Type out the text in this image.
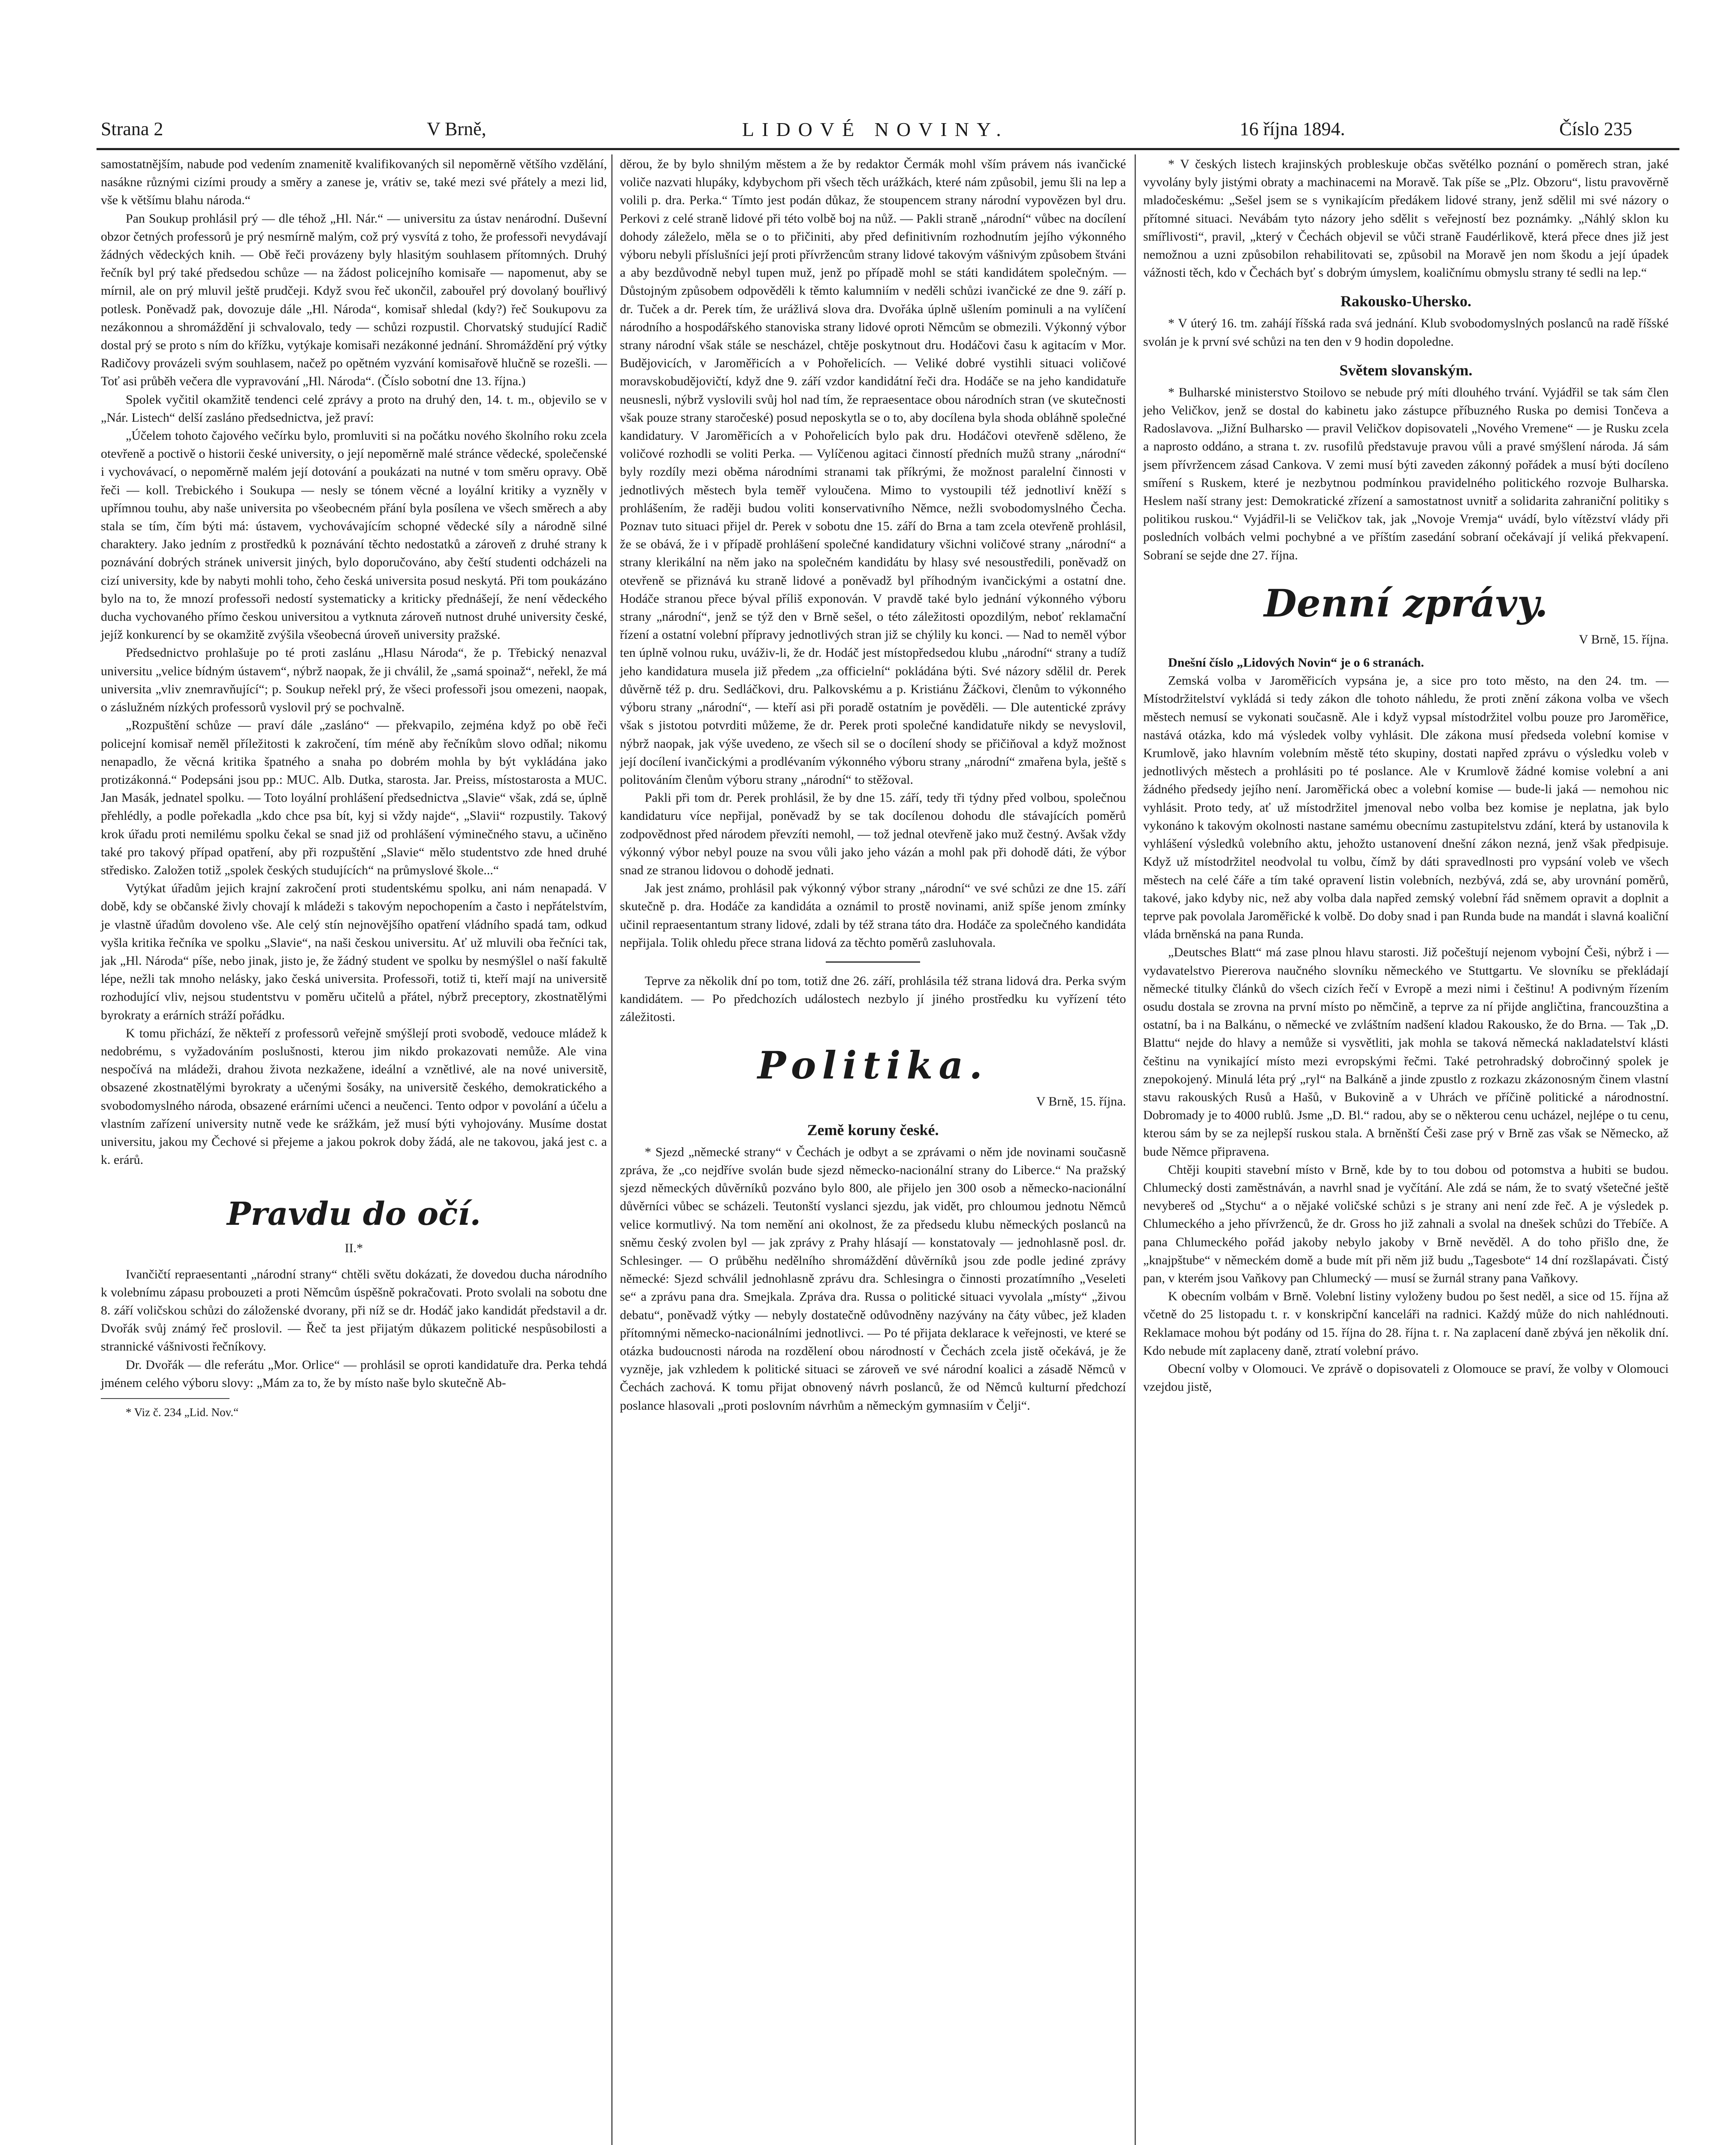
Strana 2	V Brně,	LIDOVÉ NOVINY.	16 října 1894.	Číslo 235

samostatnějším, nabude pod vedením znamenitě kvalifikovaných sil nepoměrně většího vzdělání, nasákne různými cizími proudy a směry a zanese je, vrátiv se, také mezi své přátely a mezi lid, vše k většímu blahu národa.“

Pan Soukup prohlásil prý — dle téhož „Hl. Nár.“ — universitu za ústav nenárodní. Duševní obzor četných professorů je prý nesmírně malým, což prý vysvítá z toho, že professoři nevydávají žádných vědeckých knih. — Obě řeči provázeny byly hlasitým souhlasem přítomných. Druhý řečník byl prý také předsedou schůze — na žádost policejního komisaře — napomenut, aby se mírnil, ale on prý mluvil ještě prudčeji. Když svou řeč ukončil, zabouřel prý dovolaný bouřlivý potlesk. Poněvadž pak, dovozuje dále „Hl. Národa“, komisař shledal (kdy?) řeč Soukupovu za nezákonnou a shromáždění ji schvalovalo, tedy — schůzi rozpustil. Chorvatský studující Radič dostal prý se proto s ním do křížku, vytýkaje komisaři nezákonné jednání. Shromáždění prý výtky Radičovy provázeli svým souhlasem, načež po opětném vyzvání komisařově hlučně se rozešli. — Toť asi průběh večera dle vypravování „Hl. Národa“. (Číslo sobotní dne 13. října.)

Spolek vyčitil okamžitě tendenci celé zprávy a proto na druhý den, 14. t. m., objevilo se v „Nár. Listech“ delší zasláno předsednictva, jež praví:

„Účelem tohoto čajového večírku bylo, promluviti si na počátku nového školního roku zcela otevřeně a poctivě o historii české university, o její nepoměrně malé stránce vědecké, společenské i vychovávací, o nepoměrně malém její dotování a poukázati na nutné v tom směru opravy. Obě řeči — koll. Trebického i Soukupa — nesly se tónem věcné a loyální kritiky a vyzněly v upřímnou touhu, aby naše universita po všeobecném přání byla posílena ve všech směrech a aby stala se tím, čím býti má: ústavem, vychovávajícím schopné vědecké síly a národně silné charaktery. Jako jedním z prostředků k poznávání těchto nedostatků a zároveň z druhé strany k poznávání dobrých stránek universit jiných, bylo doporučováno, aby čeští studenti odcházeli na cizí university, kde by nabyti mohli toho, čeho česká universita posud neskytá. Při tom poukázáno bylo na to, že mnozí professoři nedostí systematicky a kriticky přednášejí, že není vědeckého ducha vychovaného přímo českou universitou a vytknuta zároveň nutnost druhé university české, jejíž konkurencí by se okamžitě zvýšila všeobecná úroveň university pražské.

Předsednictvo prohlašuje po té proti zaslánu „Hlasu Národa“, že p. Třebický nenazval universitu „velice bídným ústavem“, nýbrž naopak, že ji chválil, že „samá spoinaž“, neřekl, že má universita „vliv znemravňující“; p. Soukup neřekl prý, že všeci professoři jsou omezeni, naopak, o záslužném nízkých professorů vyslovil prý se pochvalně.

„Rozpuštění schůze — praví dále „zasláno“ — překvapilo, zejména když po obě řeči policejní komisař neměl příležitosti k zakročení, tím méně aby řečníkům slovo odňal; nikomu nenapadlo, že věcná kritika špatného a snaha po dobrém mohla by být vykládána jako protizákonná.“ Podepsáni jsou pp.: MUC. Alb. Dutka, starosta. Jar. Preiss, místostarosta a MUC. Jan Masák, jednatel spolku. — Toto loyální prohlášení předsednictva „Slavie“ však, zdá se, úplně přehlédly, a podle pořekadla „kdo chce psa bít, kyj si vždy najde“, „Slavii“ rozpustily. Takový krok úřadu proti nemilému spolku čekal se snad již od prohlášení výminečného stavu, a učiněno také pro takový případ opatření, aby při rozpuštění „Slavie“ mělo studentstvo zde hned druhé středisko. Založen totiž „spolek českých studujících“ na průmyslové škole...“

Vytýkat úřadům jejich krajní zakročení proti studentskému spolku, ani nám nenapadá. V době, kdy se občanské živly chovají k mládeži s takovým nepochopením a často i nepřátelstvím, je vlastně úřadům dovoleno vše. Ale celý stín nejnovějšího opatření vládního spadá tam, odkud vyšla kritika řečníka ve spolku „Slavie“, na naši českou universitu. Ať už mluvili oba řečníci tak, jak „Hl. Národa“ píše, nebo jinak, jisto je, že žádný student ve spolku by nesmýšlel o naší fakultě lépe, nežli tak mnoho nelásky, jako česká universita. Professoři, totiž ti, kteří mají na universitě rozhodující vliv, nejsou studentstvu v poměru učitelů a přátel, nýbrž preceptory, zkostnatělými byrokraty a erárních stráží pořádku.

K tomu přichází, že někteří z professorů veřejně smýšlejí proti svobodě, vedouce mládež k nedobrému, s vyžadováním poslušnosti, kterou jim nikdo prokazovati nemůže. Ale vina nespočívá na mládeži, drahou života nezkažene, ideální a vznětlivé, ale na nové universitě, obsazené zkostnatělými byrokraty a učenými šosáky, na universitě českého, demokratického a svobodomyslného národa, obsazené erárními učenci a neučenci. Tento odpor v povolání a účelu a vlastním zařízení university nutně vede ke srážkám, jež musí býti vyhojovány. Musíme dostat universitu, jakou my Čechové si přejeme a jakou pokrok doby žádá, ale ne takovou, jaká jest c. a k. erárů.

Pravdu do očí.
II.*

Ivančičtí repraesentanti „národní strany“ chtěli světu dokázati, že dovedou ducha národního k volebnímu zápasu probouzeti a proti Němcům úspěšně pokračovati. Proto svolali na sobotu dne 8. září voličskou schůzi do záloženské dvorany, při níž se dr. Hodáč jako kandidát představil a dr. Dvořák svůj známý řeč proslovil. — Řeč ta jest přijatým důkazem politické nespůsobilosti a strannické vášnivosti řečníkovy.

Dr. Dvořák — dle referátu „Mor. Orlice“ — prohlásil se oproti kandidatuře dra. Perka tehdá jménem celého výboru slovy: „Mám za to, že by místo naše bylo skutečně Ab-

* Viz č. 234 „Lid. Nov.“

děrou, že by bylo shnilým městem a že by redaktor Čermák mohl vším právem nás ivančické voliče nazvati hlupáky, kdybychom při všech těch urážkách, které nám způsobil, jemu šli na lep a volili p. dra. Perka.“ Tímto jest podán důkaz, že stoupencem strany národní vypovězen byl dru. Perkovi z celé straně lidové při této volbě boj na nůž. — Pakli straně „národní“ vůbec na docílení dohody záleželo, měla se o to přičiniti, aby před definitivním rozhodnutím jejího výkonného výboru nebyli příslušníci její proti přívržencům strany lidové takovým vášnivým způsobem štváni a aby bezdůvodně nebyl tupen muž, jenž po případě mohl se státi kandidátem společným. — Důstojným způsobem odpověděli k těmto kalumniím v neděli schůzi ivančické ze dne 9. září p. dr. Tuček a dr. Perek tím, že urážlivá slova dra. Dvořáka úplně ušlením pominuli a na vylíčení národního a hospodářského stanoviska strany lidové oproti Němcům se obmezili. Výkonný výbor strany národní však stále se nescházel, chtěje poskytnout dru. Hodáčovi času k agitacím v Mor. Budějovicích, v Jaroměřicích a v Pohořelicích. — Veliké dobré vystihli situaci voličové moravskobudějovičtí, když dne 9. září vzdor kandidátní řeči dra. Hodáče se na jeho kandidatuře neusnesli, nýbrž vyslovili svůj hol nad tím, že repraesentace obou národních stran (ve skutečnosti však pouze strany staročeské) posud neposkytla se o to, aby docílena byla shoda obláhně společné kandidatury. V Jaroměřicích a v Pohořelicích bylo pak dru. Hodáčovi otevřeně sděleno, že voličové rozhodli se voliti Perka. — Vylíčenou agitaci činností předních mužů strany „národní“ byly rozdíly mezi oběma národními stranami tak příkrými, že možnost paralelní činnosti v jednotlivých městech byla teměř vyloučena. Mimo to vystoupili též jednotliví kněží s prohlášením, že raději budou voliti konservativního Němce, nežli svobodomyslného Čecha. Poznav tuto situaci přijel dr. Perek v sobotu dne 15. září do Brna a tam zcela otevřeně prohlásil, že se obává, že i v případě prohlášení společné kandidatury všichni voličové strany „národní“ a strany klerikální na něm jako na společném kandidátu by hlasy své nesoustředili, poněvadž on otevřeně se přiznává ku straně lidové a poněvadž byl příhodným ivančickými a ostatní dne. Hodáče stranou přece býval příliš exponován. V pravdě také bylo jednání výkonného výboru strany „národní“, jenž se týž den v Brně sešel, o této záležitosti opozdilým, neboť reklamační řízení a ostatní volební přípravy jednotlivých stran již se chýlily ku konci. — Nad to neměl výbor ten úplně volnou ruku, uváživ-li, že dr. Hodáč jest místopředsedou klubu „národní“ strany a tudíž jeho kandidatura musela již předem „za officielní“ pokládána býti. Své názory sdělil dr. Perek důvěrně též p. dru. Sedláčkovi, dru. Palkovskému a p. Kristiánu Žáčkovi, členům to výkonného výboru strany „národní“, — kteří asi při poradě ostatním je pověděli. — Dle autentické zprávy však s jistotou potvrditi můžeme, že dr. Perek proti společné kandidatuře nikdy se nevyslovil, nýbrž naopak, jak výše uvedeno, ze všech sil se o docílení shody se přičiňoval a když možnost její docílení ivančickými a prodlévaním výkonného výboru strany „národní“ zmařena byla, ještě s politováním členům výboru strany „národní“ to stěžoval.

Pakli při tom dr. Perek prohlásil, že by dne 15. září, tedy tři týdny před volbou, společnou kandidaturu více nepřijal, poněvadž by se tak docílenou dohodu dle stávajících poměrů zodpovědnost před národem převzíti nemohl, — tož jednal otevřeně jako muž čestný. Avšak vždy výkonný výbor nebyl pouze na svou vůli jako jeho vázán a mohl pak při dohodě dáti, že výbor snad ze stranou lidovou o dohodě jednati.

Jak jest známo, prohlásil pak výkonný výbor strany „národní“ ve své schůzi ze dne 15. září skutečně p. dra. Hodáče za kandidáta a oznámil to prostě novinami, aniž spíše jenom zmínky učinil repraesentantum strany lidové, zdali by též strana táto dra. Hodáče za společného kandidáta nepřijala. Tolik ohledu přece strana lidová za těchto poměrů zasluhovala.

Teprve za několik dní po tom, totiž dne 26. září, prohlásila též strana lidová dra. Perka svým kandidátem. — Po předchozích událostech nezbylo jí jiného prostředku ku vyřízení této záležitosti.

Politika.
V Brně, 15. října.
Země koruny české.

* Sjezd „německé strany“ v Čechách je odbyt a se zprávami o něm jde novinami současně zpráva, že „co nejdříve svolán bude sjezd německo-nacionální strany do Liberce.“ Na pražský sjezd německých důvěrníků pozváno bylo 800, ale přijelo jen 300 osob a německo-nacionální důvěrníci vůbec se scházeli. Teutonští vyslanci sjezdu, jak vidět, pro chloumou jednotu Němců velice kormutlivý. Na tom nemění ani okolnost, že za předsedu klubu německých poslanců na sněmu český zvolen byl — jak zprávy z Prahy hlásají — konstatovaly — jednohlasně posl. dr. Schlesinger. — O průběhu nedělního shromáždění důvěrníků jsou zde podle jediné zprávy německé: Sjezd schválil jednohlasně zprávu dra. Schlesingra o činnosti prozatímního „Veseleti se“ a zprávu pana dra. Smejkala. Zpráva dra. Russa o politické situaci vyvolala „místy“ „živou debatu“, poněvadž výtky — nebyly dostatečně odůvodněny nazývány na čáty vůbec, jež kladen přítomnými německo-nacionálními jednotlivci. — Po té přijata deklarace k veřejnosti, ve které se otázka budoucnosti národa na rozdělení obou národností v Čechách zcela jistě očekává, je že vyzněje, jak vzhledem k politické situaci se zároveň ve své národní koalici a zásadě Němců v Čechách zachová. K tomu přijat obnovený návrh poslanců, že od Němců kulturní předchozí poslance hlasovali „proti poslovním návrhům a německým gymnasiím v Čelji“.

* V českých listech krajinských probleskuje občas světélko poznání o poměrech stran, jaké vyvolány byly jistými obraty a machinacemi na Moravě. Tak píše se „Plz. Obzoru“, listu pravověrně mladočeskému: „Sešel jsem se s vynikajícím předákem lidové strany, jenž sdělil mi své názory o přítomné situaci. Nevábám tyto názory jeho sdělit s veřejností bez poznámky. „Náhlý sklon ku smířlivosti“, pravil, „který v Čechách objevil se vůči straně Faudérlikově, která přece dnes již jest nemožnou a uzni způsobilon rehabilitovati se, způsobil na Moravě jen nom škodu a její úpadek vážnosti těch, kdo v Čechách byť s dobrým úmyslem, koaličnímu obmyslu strany té sedli na lep.“

Rakousko-Uhersko.

* V úterý 16. tm. zahájí říšská rada svá jednání. Klub svobodomyslných poslanců na radě říšské svolán je k první své schůzi na ten den v 9 hodin dopoledne.

Světem slovanským.

* Bulharské ministerstvo Stoilovo se nebude prý míti dlouhého trvání. Vyjádřil se tak sám člen jeho Veličkov, jenž se dostal do kabinetu jako zástupce příbuzného Ruska po demisi Tončeva a Radoslavova. „Jižní Bulharsko — pravil Veličkov dopisovateli „Nového Vremene“ — je Rusku zcela a naprosto oddáno, a strana t. zv. rusofilů představuje pravou vůli a pravé smýšlení národa. Já sám jsem přívržencem zásad Cankova. V zemi musí býti zaveden zákonný pořádek a musí býti docíleno smíření s Ruskem, které je nezbytnou podmínkou pravidelného politického rozvoje Bulharska. Heslem naší strany jest: Demokratické zřízení a samostatnost uvnitř a solidarita zahraniční politiky s politikou ruskou.“ Vyjádřil-li se Veličkov tak, jak „Novoje Vremja“ uvádí, bylo vítězství vlády při posledních volbách velmi pochybné a ve příštím zasedání sobraní očekávají jí veliká překvapení. Sobraní se sejde dne 27. října.

Denní zprávy.
V Brně, 15. října.

Dnešní číslo „Lidových Novin“ je o 6 stranách.

Zemská volba v Jaroměřicích vypsána je, a sice pro toto město, na den 24. tm. — Místodržitelství vykládá si tedy zákon dle tohoto náhledu, že proti znění zákona volba ve všech městech nemusí se vykonati současně. Ale i když vypsal místodržitel volbu pouze pro Jaroměřice, nastává otázka, kdo má výsledek volby vyhlásit. Dle zákona musí předseda volební komise v Krumlově, jako hlavním volebním městě této skupiny, dostati napřed zprávu o výsledku voleb v jednotlivých městech a prohlásiti po té poslance. Ale v Krumlově žádné komise volební a ani žádného předsedy jejího není. Jaroměřická obec a volební komise — bude-li jaká — nemohou nic vyhlásit. Proto tedy, ať už místodržitel jmenoval nebo volba bez komise je neplatna, jak bylo vykonáno k takovým okolnosti nastane samému obecnímu zastupitelstvu zdání, která by ustanovila k vyhlášení výsledků volebního aktu, jehožto ustanovení dnešní zákon nezná, jenž však předpisuje. Když už místodržitel neodvolal tu volbu, čímž by dáti spravedlnosti pro vypsání voleb ve všech městech na celé čáře a tím také opravení listin volebních, nezbývá, zdá se, aby urovnání poměrů, takové, jako kdyby nic, než aby volba dala napřed zemský volební řád sněmem opravit a doplnit a teprve pak povolala Jaroměřické k volbě. Do doby snad i pan Runda bude na mandát i slavná koaliční vláda brněnská na pana Runda.

„Deutsches Blatt“ má zase plnou hlavu starosti. Již počeštují nejenom vybojní Češi, nýbrž i — vydavatelstvo Piererova naučného slovníku německého ve Stuttgartu. Ve slovníku se překládají německé titulky článků do všech cizích řečí v Evropě a mezi nimi i češtinu! A podivným řízením osudu dostala se zrovna na první místo po němčině, a teprve za ní přijde angličtina, francouzština a ostatní, ba i na Balkánu, o německé ve zvláštním nadšení kladou Rakousko, že do Brna. — Tak „D. Blattu“ nejde do hlavy a nemůže si vysvětliti, jak mohla se taková německá nakladatelství klásti češtinu na vynikající místo mezi evropskými řečmi. Také petrohradský dobročinný spolek je znepokojený. Minulá léta prý „ryl“ na Balkáně a jinde zpustlo z rozkazu zkázonosným činem vlastní stavu rakouských Rusů a Hašů, v Bukovině a v Uhrách ve příčině politické a národnostní. Dobromady je to 4000 rublů. Jsme „D. Bl.“ radou, aby se o některou cenu ucházel, nejlépe o tu cenu, kterou sám by se za nejlepší ruskou stala. A brněnští Češi zase prý v Brně zas však se Německo, až bude Němce připravena.

Chtěji koupiti stavební místo v Brně, kde by to tou dobou od potomstva a hubiti se budou. Chlumecký dosti zaměstnáván, a navrhl snad je vyčítání. Ale zdá se nám, že to svatý všetečné ještě nevybereš od „Stychu“ a o nějaké voličské schůzi s je strany ani není zde řeč. A je výsledek p. Chlumeckého a jeho přívrženců, že dr. Gross ho již zahnali a svolal na dnešek schůzi do Třebíče. A pana Chlumeckého pořád jakoby nebylo jakoby v Brně nevěděl. A do toho přišlo dne, že „knajpštube“ v německém domě a bude mít při něm již budu „Tagesbote“ 14 dní rozšlapávati. Čistý pan, v kterém jsou Vaňkovy pan Chlumecký — musí se žurnál strany pana Vaňkovy.

K obecním volbám v Brně. Volební listiny vyloženy budou po šest neděl, a sice od 15. října až včetně do 25 listopadu t. r. v konskripční kanceláři na radnici. Každý může do nich nahlédnouti. Reklamace mohou být podány od 15. října do 28. října t. r. Na zaplacení daně zbývá jen několik dní. Kdo nebude mít zaplaceny daně, ztratí volební právo.

Obecní volby v Olomouci. Ve zprávě o dopisovateli z Olomouce se praví, že volby v Olomouci vzejdou jistě,
